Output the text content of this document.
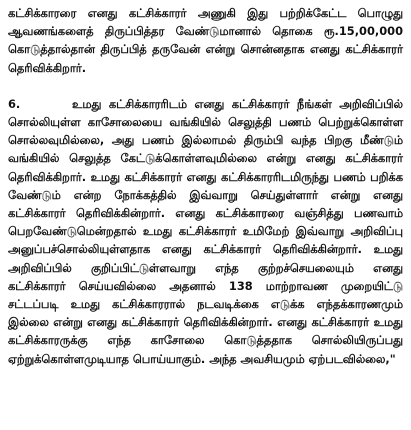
கட்சிக்காரரை எனது கட்சிக்காரர் அணுகி இது பற்றிக்கேட்ட பொழுது ஆவணங்களைத் திருப்பித்தர வேண்டுமானால் தொகை ரூ.15,00,000 கொடுத்தால்தான் திருப்பித் தருவேன் என்று சொன்னதாக எனது கட்சிக்காரர் தெரிவிக்கிறார்.

6.	உமது கட்சிக்காரரிடம் எனது கட்சிக்காரர் நீங்கள் அறிவிப்பில் சொல்லியுள்ள காசோலையை வங்கியில் செலுத்தி பணம் பெற்றுக்கொள்ள சொல்லவுமில்லை, அது பணம் இல்லாமல் திரும்பி வந்த பிறகு மீண்டும் வங்கியில் செலுத்த கேட்டுக்கொள்ளவுமில்லை என்று எனது கட்சிக்காரர் தெரிவிக்கிறார். உமது கட்சிக்காரர் எனது கட்சிக்காரரிடமிருந்து பணம் பறிக்க வேண்டும் என்ற நோக்கத்தில் இவ்வாறு செய்துள்ளார் என்று எனது கட்சிக்காரர் தெரிவிக்கின்றார். எனது கட்சிக்காரரை வஞ்சித்து பணவாம் பெறவேண்டுமென்றதால் உமது கட்சிக்காரர் உமிமேற் இவ்வாறு அறிவிப்பு அனுப்பச்சொல்லியுள்ளதாக எனது கட்சிக்காரர் தெரிவிக்கின்றார். உமது அறிவிப்பில் குறிப்பிட்டுள்ளவாறு எந்த குற்றச்செயலையும் எனது கட்சிக்காரர் செய்யவில்லை அதனால் 138 மாற்றாவண முறையிட்டு சட்டப்படி உமது கட்சிக்காரரால் நடவடிக்கை எடுக்க எந்தக்காரணமும் இல்லை என்று எனது கட்சிக்காரர் தெரிவிக்கின்றார். எனது கட்சிக்காரர் உமது கட்சிக்காரருக்கு எந்த காசோலை கொடுத்ததாக சொல்லியிருப்பது ஏற்றுக்கொள்ளமுடியாத பொய்யாகும். அந்த அவசியமும் ஏற்படவில்லை,"
